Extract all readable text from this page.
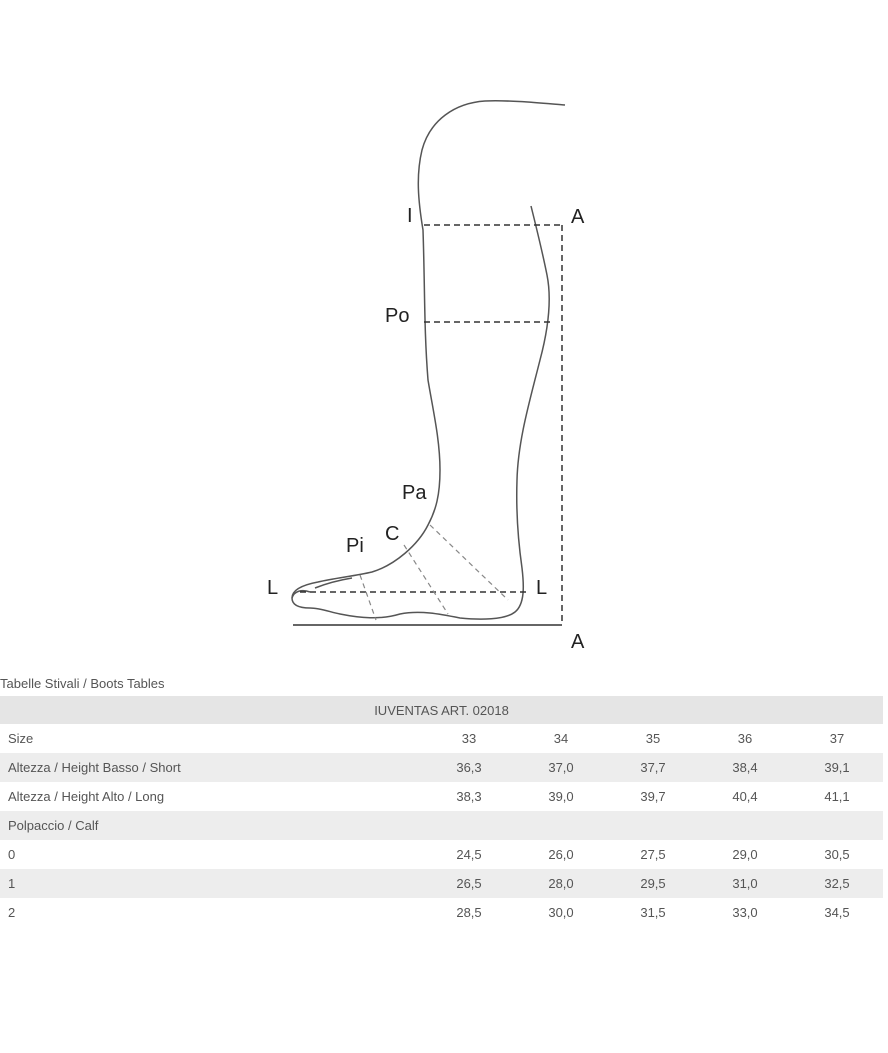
I	A
Po
Pa
C
Pi
L	L
A
Tabelle Stivali / Boots Tables
IUVENTAS ART. 02018					
Size	33	34	35	36	37
Altezza / Height Basso / Short	36,3	37,0	37,7	38,4	39,1
Altezza / Height Alto / Long	38,3	39,0	39,7	40,4	41,1
Polpaccio / Calf					
0	24,5	26,0	27,5	29,0	30,5
1	26,5	28,0	29,5	31,0	32,5
2	28,5	30,0	31,5	33,0	34,5
